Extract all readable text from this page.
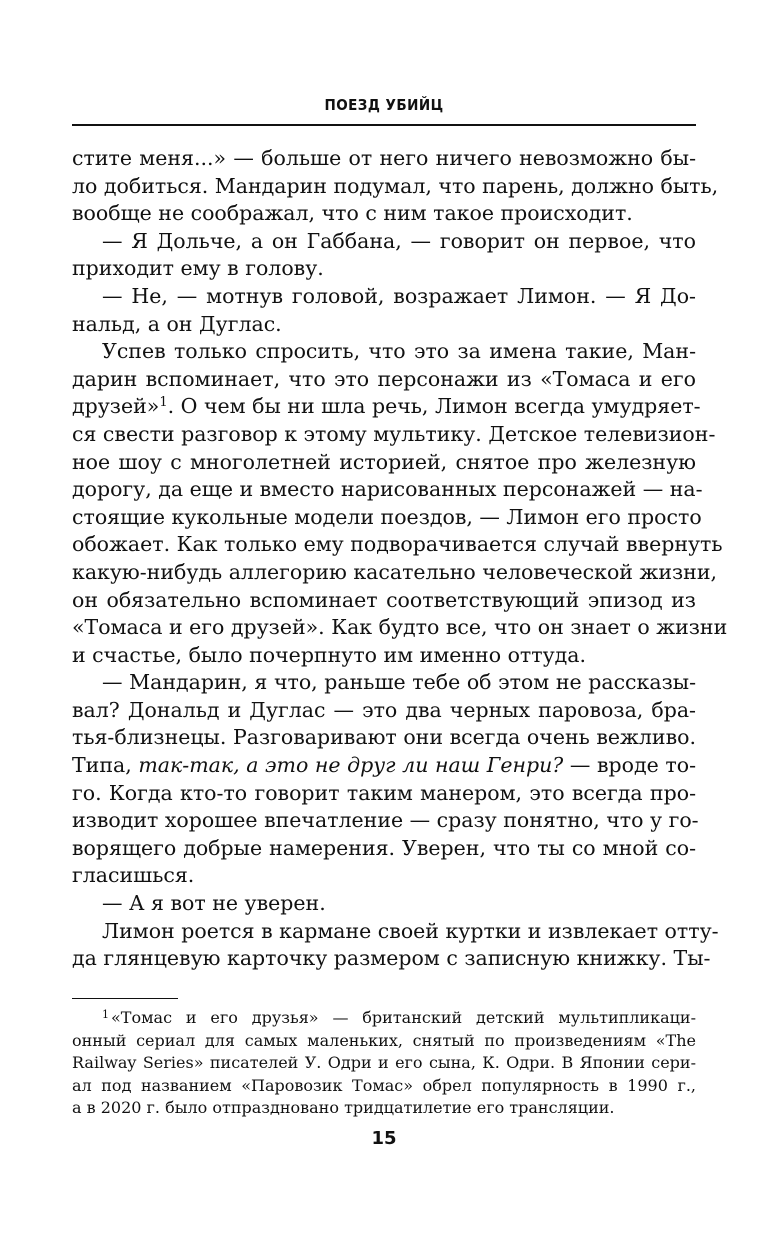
ПОЕЗД УБИЙЦ
стите меня...» — больше от него ничего невозможно бы-
ло добиться. Мандарин подумал, что парень, должно быть,
вообще не соображал, что с ним такое происходит.
— Я Дольче, а он Габбана, — говорит он первое, что
приходит ему в голову.
— Не, — мотнув головой, возражает Лимон. — Я До-
нальд, а он Дуглас.
Успев только спросить, что это за имена такие, Ман-
дарин вспоминает, что это персонажи из «Томаса и его
друзей»$^1$. О чем бы ни шла речь, Лимон всегда умудряет-
ся свести разговор к этому мультику. Детское телевизион-
ное шоу с многолетней историей, снятое про железную
дорогу, да еще и вместо нарисованных персонажей — на-
стоящие кукольные модели поездов, — Лимон его просто
обожает. Как только ему подворачивается случай ввернуть
какую-нибудь аллегорию касательно человеческой жизни,
он обязательно вспоминает соответствующий эпизод из
«Томаса и его друзей». Как будто все, что он знает о жизни
и счастье, было почерпнуто им именно оттуда.
— Мандарин, я что, раньше тебе об этом не рассказы-
вал? Дональд и Дуглас — это два черных паровоза, бра-
тья-близнецы. Разговаривают они всегда очень вежливо.
Типа, так-так, а это не друг ли наш Генри? — вроде то-
го. Когда кто-то говорит таким манером, это всегда про-
изводит хорошее впечатление — сразу понятно, что у го-
ворящего добрые намерения. Уверен, что ты со мной со-
гласишься.
— А я вот не уверен.
Лимон роется в кармане своей куртки и извлекает отту-
да глянцевую карточку размером с записную книжку. Ты-
$^1$ «Томас и его друзья» — британский детский мультипликаци-
онный сериал для самых маленьких, снятый по произведениям «The
Railway Series» писателей У. Одри и его сына, К. Одри. В Японии сери-
ал под названием «Паровозик Томас» обрел популярность в 1990 г.,
а в 2020 г. было отпраздновано тридцатилетие его трансляции.
15
